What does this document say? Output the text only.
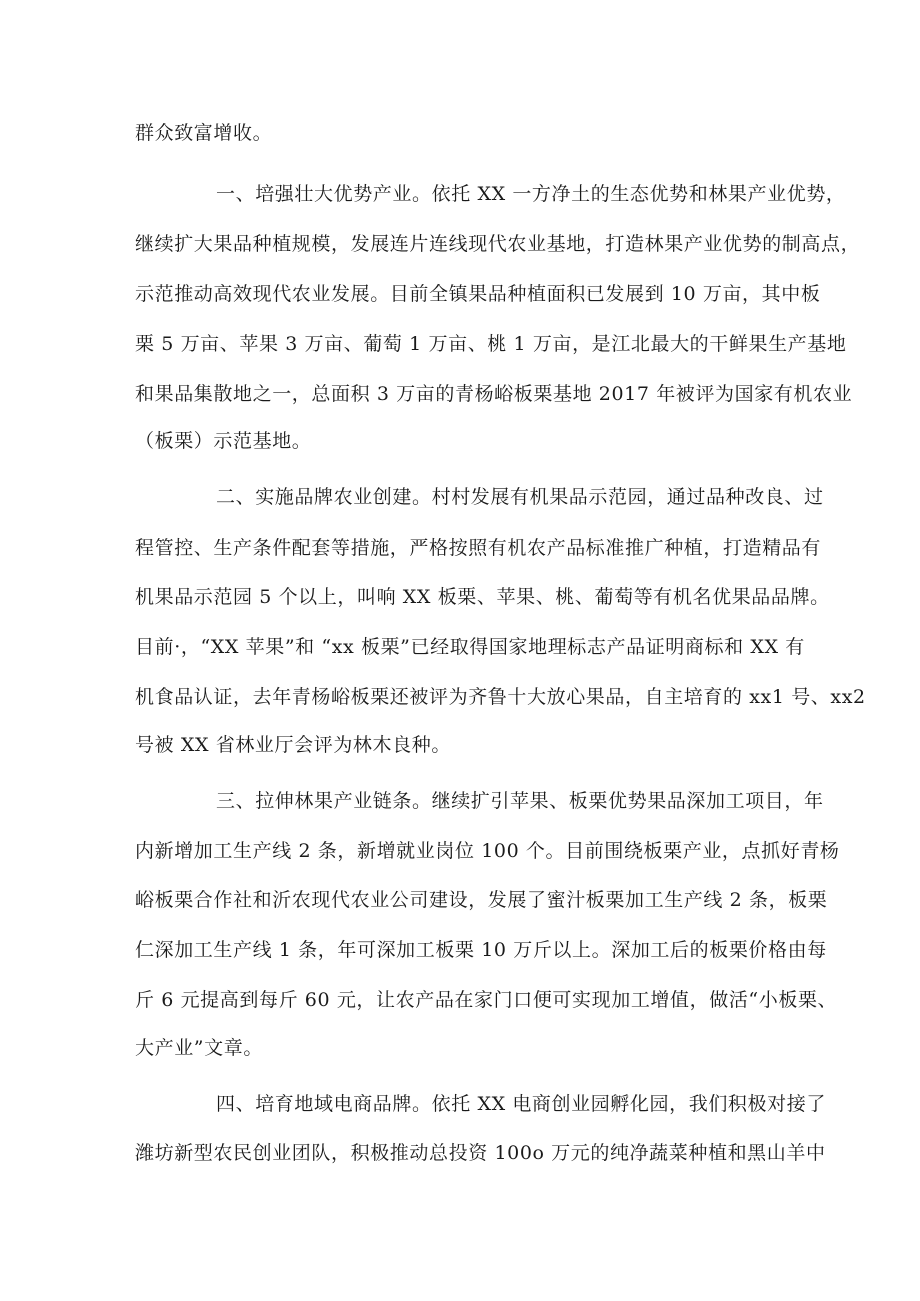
群众致富增收。
一、培强壮大优势产业。依托 XX 一方净土的生态优势和林果产业优势，
继续扩大果品种植规模，发展连片连线现代农业基地，打造林果产业优势的制高点，
示范推动高效现代农业发展。目前全镇果品种植面积已发展到 10 万亩，其中板
栗 5 万亩、苹果 3 万亩、葡萄 1 万亩、桃 1 万亩，是江北最大的干鲜果生产基地
和果品集散地之一，总面积 3 万亩的青杨峪板栗基地 2017 年被评为国家有机农业
（板栗）示范基地。
二、实施品牌农业创建。村村发展有机果品示范园，通过品种改良、过
程管控、生产条件配套等措施，严格按照有机农产品标准推广种植，打造精品有
机果品示范园 5 个以上，叫响 XX 板栗、苹果、桃、葡萄等有机名优果品品牌。
目前·，“XX 苹果”和 “xx 板栗”已经取得国家地理标志产品证明商标和 XX 有
机食品认证，去年青杨峪板栗还被评为齐鲁十大放心果品，自主培育的 xx1 号、xx2
号被 XX 省林业厅会评为林木良种。
三、拉伸林果产业链条。继续扩引苹果、板栗优势果品深加工项目，年
内新增加工生产线 2 条，新增就业岗位 100 个。目前围绕板栗产业，点抓好青杨
峪板栗合作社和沂农现代农业公司建设，发展了蜜汁板栗加工生产线 2 条，板栗
仁深加工生产线 1 条，年可深加工板栗 10 万斤以上。深加工后的板栗价格由每
斤 6 元提高到每斤 60 元，让农产品在家门口便可实现加工增值，做活“小板栗、
大产业”文章。
四、培育地域电商品牌。依托 XX 电商创业园孵化园，我们积极对接了
潍坊新型农民创业团队，积极推动总投资 100o 万元的纯净蔬菜种植和黑山羊中
